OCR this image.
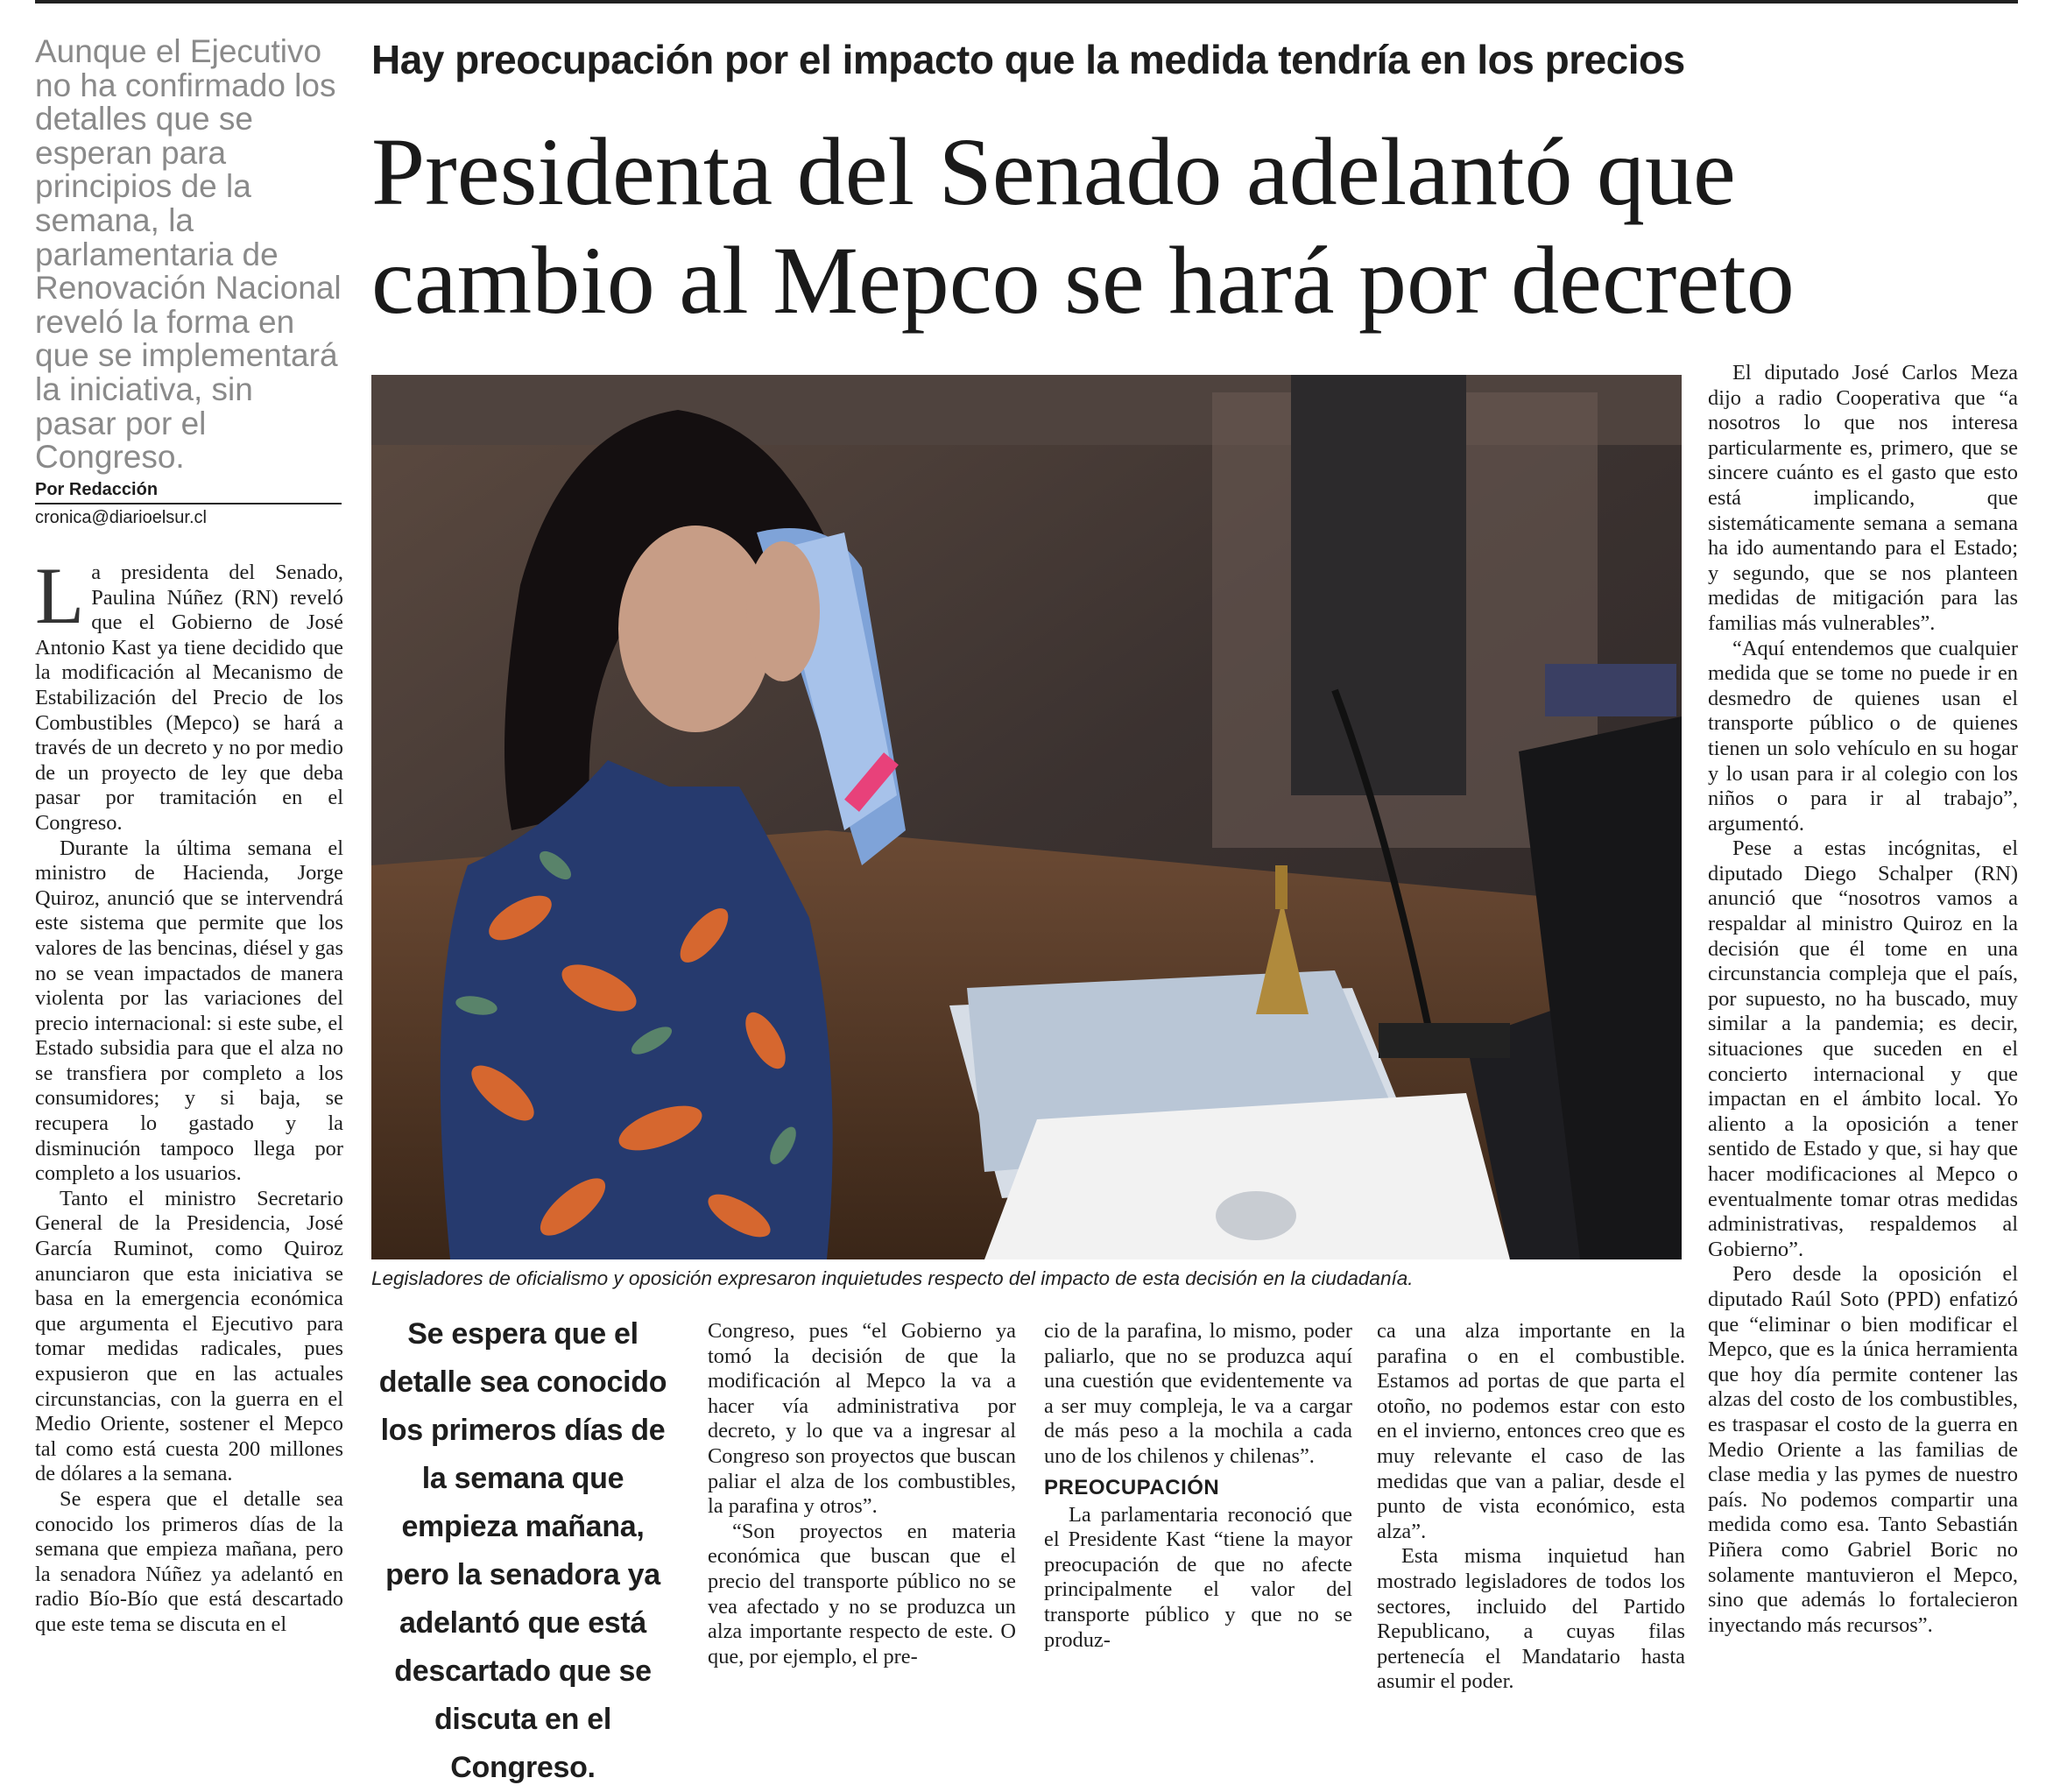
Aunque el Ejecutivo no ha confirmado los detalles que se esperan para principios de la semana, la parlamentaria de Renovación Nacional reveló la forma en que se implementará la iniciativa, sin pasar por el Congreso.
Por Redacción
cronica@diarioelsur.cl
Hay preocupación por el impacto que la medida tendría en los precios
Presidenta del Senado adelantó que cambio al Mepco se hará por decreto
Legisladores de oficialismo y oposición expresaron inquietudes respecto del impacto de esta decisión en la ciudadanía.
Se espera que el detalle sea conocido los primeros días de la semana que empieza mañana, pero la senadora ya adelantó que está descartado que se discuta en el Congreso.

La presidenta del Senado, Paulina Núñez (RN) reveló que el Gobierno de José Antonio Kast ya tiene decidido que la modificación al Mecanismo de Estabilización del Precio de los Combustibles (Mepco) se hará a través de un decreto y no por medio de un proyecto de ley que deba pasar por tramitación en el Congreso.

Durante la última semana el ministro de Hacienda, Jorge Quiroz, anunció que se intervendrá este sistema que permite que los valores de las bencinas, diésel y gas no se vean impactados de manera violenta por las variaciones del precio internacional: si este sube, el Estado subsidia para que el alza no se transfiera por completo a los consumidores; y si baja, se recupera lo gastado y la disminución tampoco llega por completo a los usuarios.

Tanto el ministro Secretario General de la Presidencia, José García Ruminot, como Quiroz anunciaron que esta iniciativa se basa en la emergencia económica que argumenta el Ejecutivo para tomar medidas radicales, pues expusieron que en las actuales circunstancias, con la guerra en el Medio Oriente, sostener el Mepco tal como está cuesta 200 millones de dólares a la semana.

Se espera que el detalle sea conocido los primeros días de la semana que empieza mañana, pero la senadora Núñez ya adelantó en radio Bío-Bío que está descartado que este tema se discuta en el

Congreso, pues “el Gobierno ya tomó la decisión de que la modificación al Mepco la va a hacer vía administrativa por decreto, y lo que va a ingresar al Congreso son proyectos que buscan paliar el alza de los combustibles, la parafina y otros”.

“Son proyectos en materia económica que buscan que el precio del transporte público no se vea afectado y no se produzca un alza importante respecto de este. O que, por ejemplo, el pre-

cio de la parafina, lo mismo, poder paliarlo, que no se produzca aquí una cuestión que evidentemente va a ser muy compleja, le va a cargar de más peso a la mochila a cada uno de los chilenos y chilenas”.

PREOCUPACIÓN

La parlamentaria reconoció que el Presidente Kast “tiene la mayor preocupación de que no afecte principalmente el valor del transporte público y que no se produz-

ca una alza importante en la parafina o en el combustible. Estamos ad portas de que parta el otoño, no podemos estar con esto en el invierno, entonces creo que es muy relevante el caso de las medidas que van a paliar, desde el punto de vista económico, esta alza”.

Esta misma inquietud han mostrado legisladores de todos los sectores, incluido del Partido Republicano, a cuyas filas pertenecía el Mandatario hasta asumir el poder.

El diputado José Carlos Meza dijo a radio Cooperativa que “a nosotros lo que nos interesa particularmente es, primero, que se sincere cuánto es el gasto que esto está implicando, que sistemáticamente semana a semana ha ido aumentando para el Estado; y segundo, que se nos planteen medidas de mitigación para las familias más vulnerables”.

“Aquí entendemos que cualquier medida que se tome no puede ir en desmedro de quienes usan el transporte público o de quienes tienen un solo vehículo en su hogar y lo usan para ir al colegio con los niños o para ir al trabajo”, argumentó.

Pese a estas incógnitas, el diputado Diego Schalper (RN) anunció que “nosotros vamos a respaldar al ministro Quiroz en la decisión que él tome en una circunstancia compleja que el país, por supuesto, no ha buscado, muy similar a la pandemia; es decir, situaciones que suceden en el concierto internacional y que impactan en el ámbito local. Yo aliento a la oposición a tener sentido de Estado y que, si hay que hacer modificaciones al Mepco o eventualmente tomar otras medidas administrativas, respaldemos al Gobierno”.

Pero desde la oposición el diputado Raúl Soto (PPD) enfatizó que “eliminar o bien modificar el Mepco, que es la única herramienta que hoy día permite contener las alzas del costo de los combustibles, es traspasar el costo de la guerra en Medio Oriente a las familias de clase media y las pymes de nuestro país. No podemos compartir una medida como esa. Tanto Sebastián Piñera como Gabriel Boric no solamente mantuvieron el Mepco, sino que además lo fortalecieron inyectando más recursos”.
